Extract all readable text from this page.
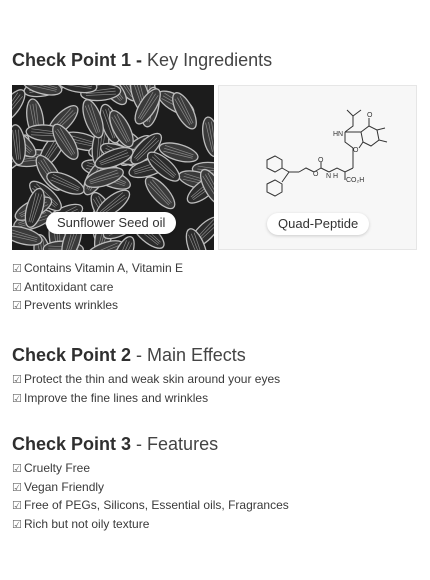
Check Point 1 - Key Ingredients
Sunflower Seed oil
O
O
N H
CO₂H
HN
O
O
Quad-Peptide
☑ Contains Vitamin A, Vitamin E
☑ Antitoxidant care
☑ Prevents wrinkles
Check Point 2 - Main Effects
☑ Protect the thin and weak skin around your eyes
☑ Improve the fine lines and wrinkles
Check Point 3 - Features
☑ Cruelty Free
☑ Vegan Friendly
☑ Free of PEGs, Silicons, Essential oils, Fragrances
☑ Rich but not oily texture
